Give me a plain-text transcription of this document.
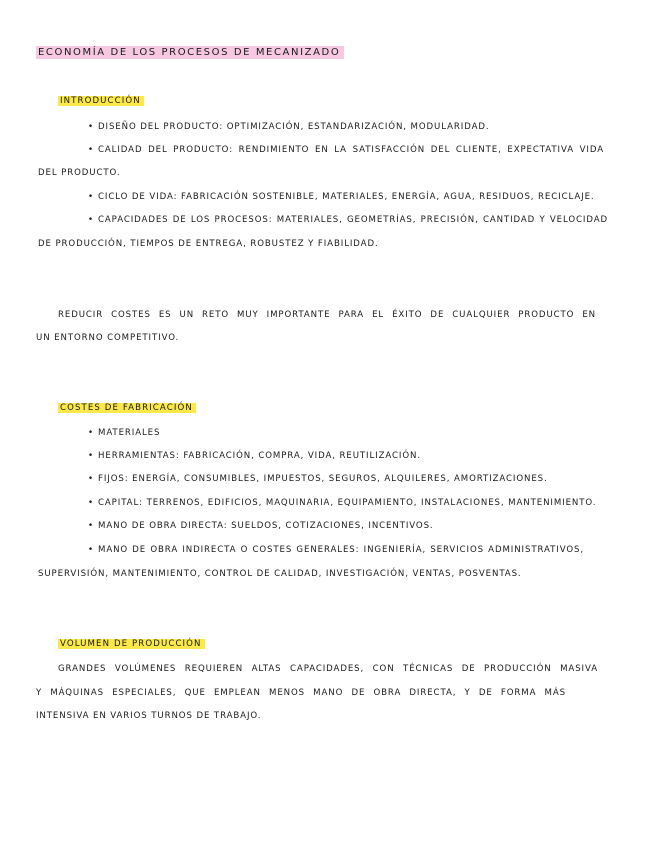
ECONOMÍA DE LOS PROCESOS DE MECANIZADO
INTRODUCCIÓN
• DISEÑO DEL PRODUCTO: OPTIMIZACIÓN, ESTANDARIZACIÓN, MODULARIDAD.
• CALIDAD DEL PRODUCTO: RENDIMIENTO EN LA SATISFACCIÓN DEL CLIENTE, EXPECTATIVA VIDA
DEL PRODUCTO.
• CICLO DE VIDA: FABRICACIÓN SOSTENIBLE, MATERIALES, ENERGÍA, AGUA, RESIDUOS, RECICLAJE.
• CAPACIDADES DE LOS PROCESOS: MATERIALES, GEOMETRÍAS, PRECISIÓN, CANTIDAD Y VELOCIDAD
DE PRODUCCIÓN, TIEMPOS DE ENTREGA, ROBUSTEZ Y FIABILIDAD.
REDUCIR COSTES ES UN RETO MUY IMPORTANTE PARA EL ÉXITO DE CUALQUIER PRODUCTO EN
UN ENTORNO COMPETITIVO.
COSTES DE FABRICACIÓN
• MATERIALES
• HERRAMIENTAS: FABRICACIÓN, COMPRA, VIDA, REUTILIZACIÓN.
• FIJOS: ENERGÍA, CONSUMIBLES, IMPUESTOS, SEGUROS, ALQUILERES, AMORTIZACIONES.
• CAPITAL: TERRENOS, EDIFICIOS, MAQUINARIA, EQUIPAMIENTO, INSTALACIONES, MANTENIMIENTO.
• MANO DE OBRA DIRECTA: SUELDOS, COTIZACIONES, INCENTIVOS.
• MANO DE OBRA INDIRECTA O COSTES GENERALES: INGENIERÍA, SERVICIOS ADMINISTRATIVOS,
SUPERVISIÓN, MANTENIMIENTO, CONTROL DE CALIDAD, INVESTIGACIÓN, VENTAS, POSVENTAS.
VOLUMEN DE PRODUCCIÓN
GRANDES VOLÚMENES REQUIEREN ALTAS CAPACIDADES, CON TÉCNICAS DE PRODUCCIÓN MASIVA
Y MÁQUINAS ESPECIALES, QUE EMPLEAN MENOS MANO DE OBRA DIRECTA, Y DE FORMA MÁS
INTENSIVA EN VARIOS TURNOS DE TRABAJO.
